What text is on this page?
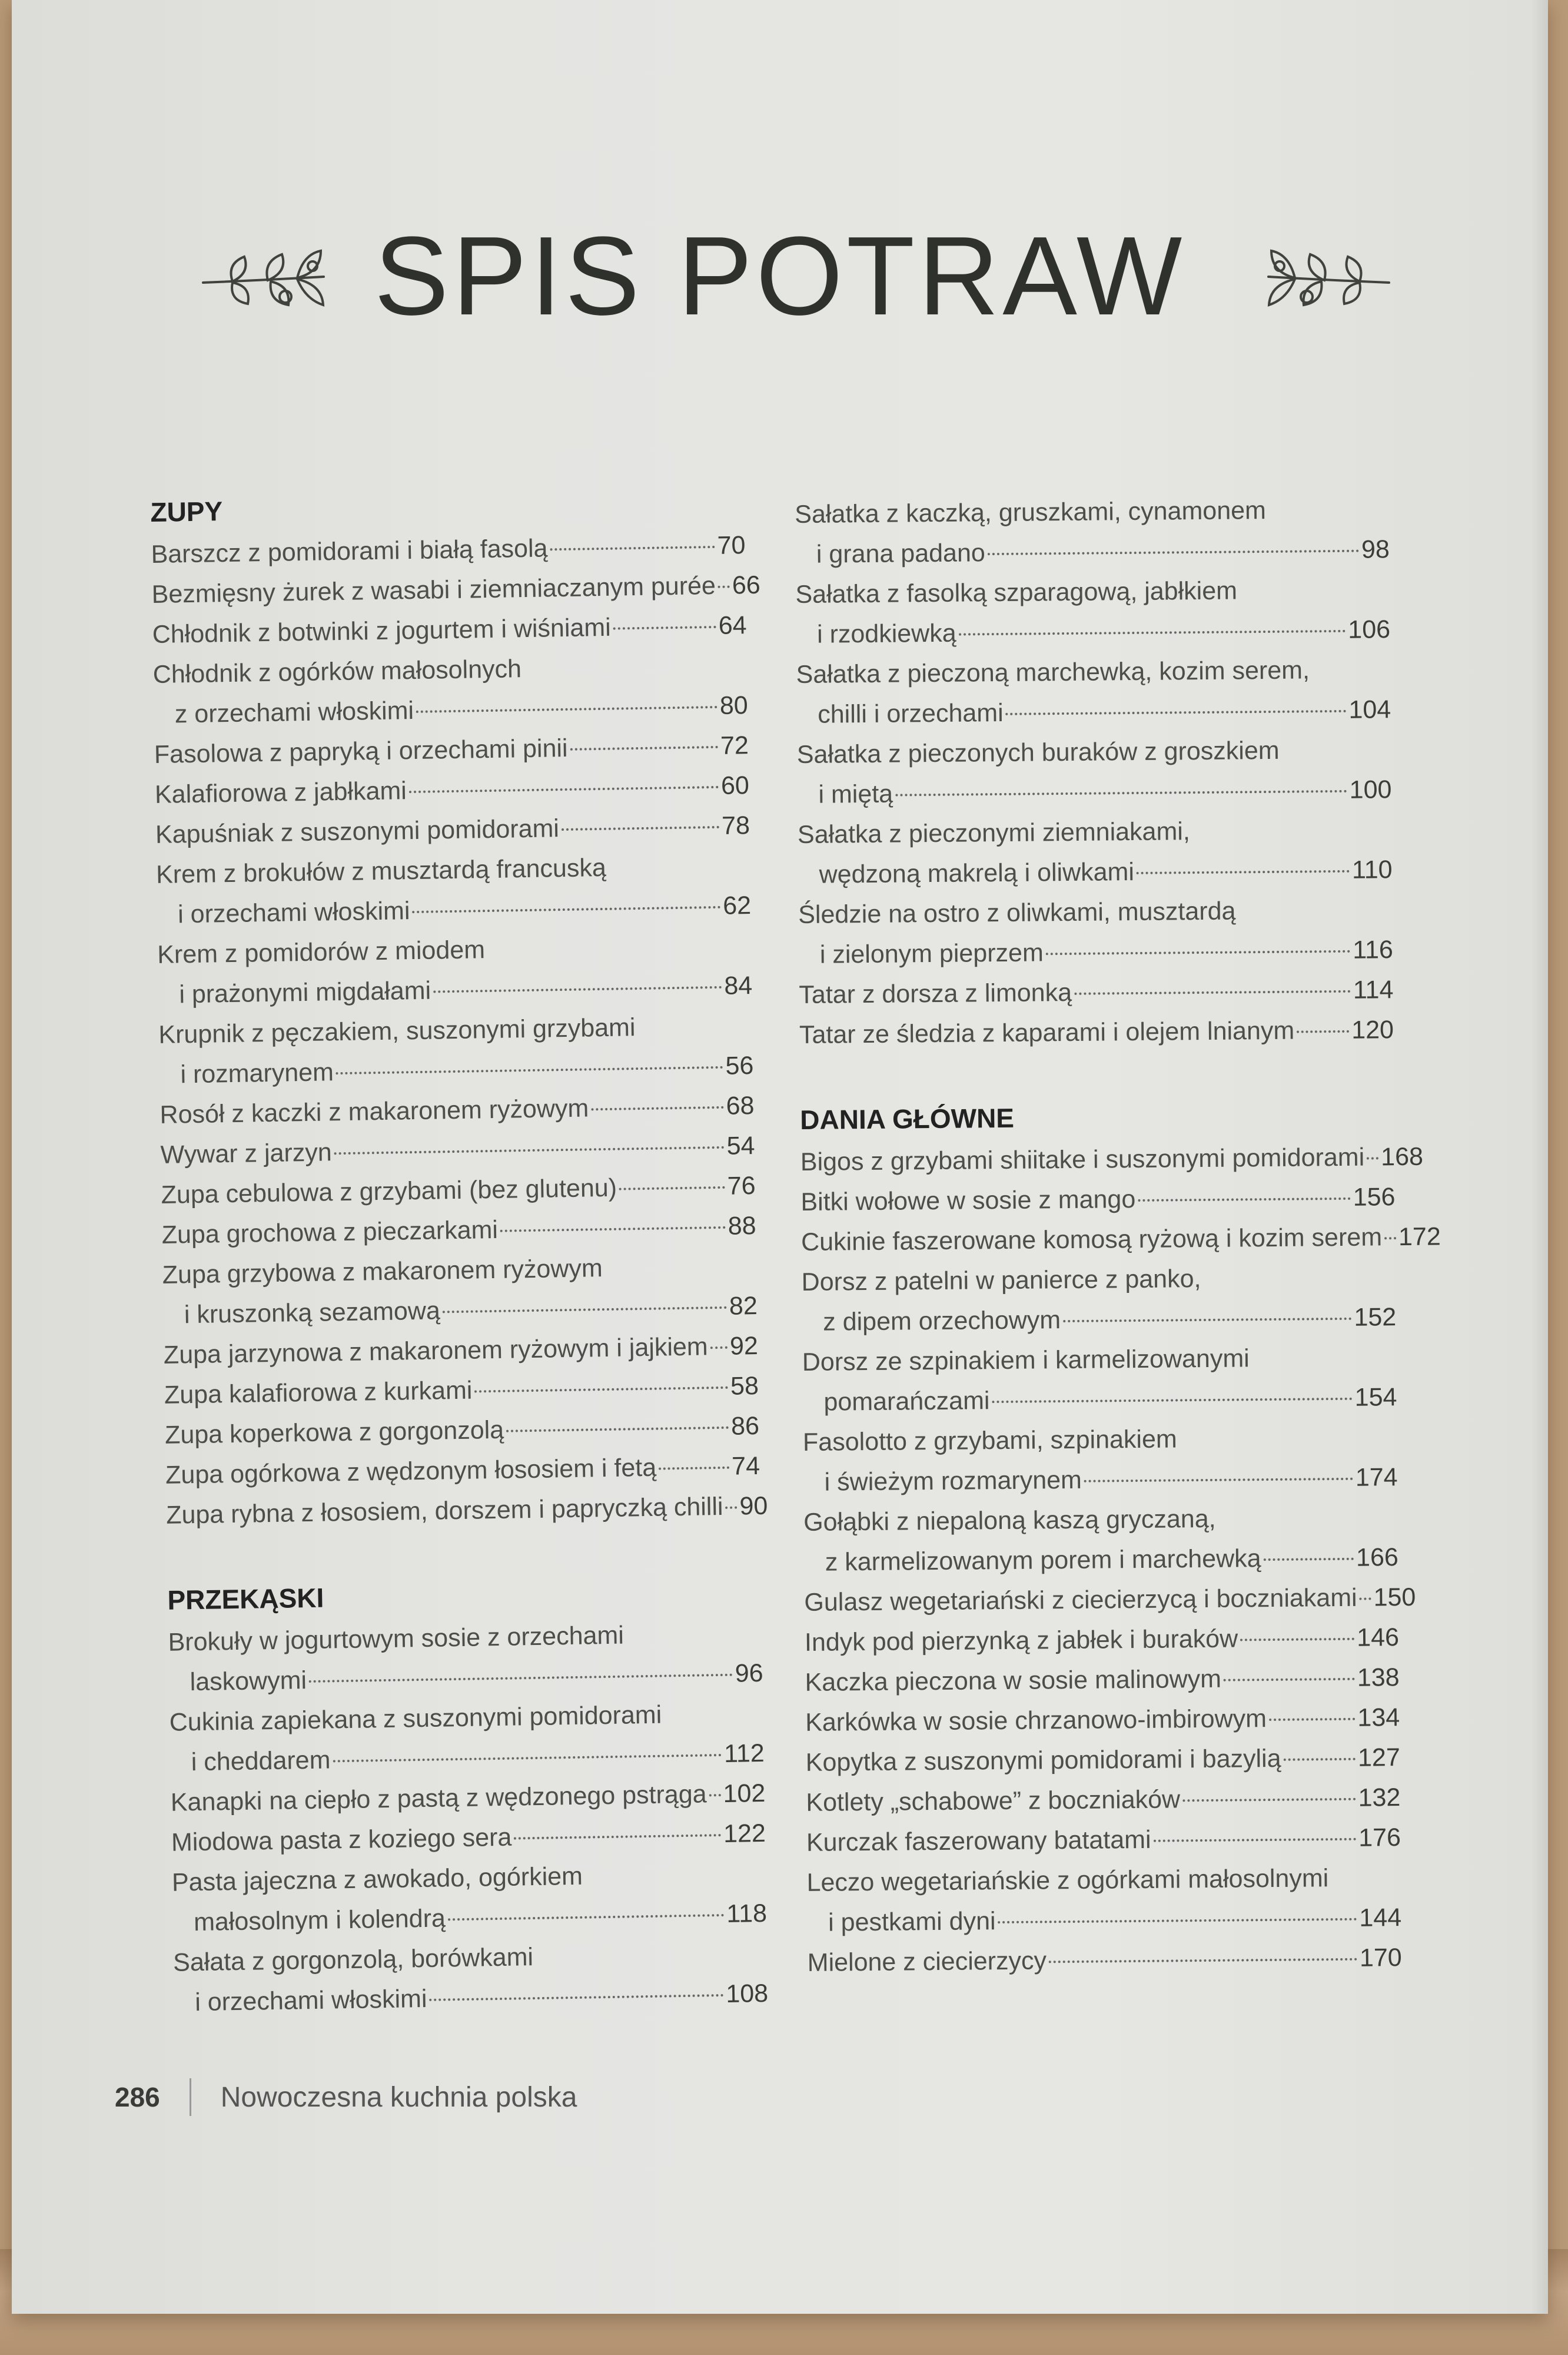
SPIS POTRAW
ZUPY
Barszcz z pomidorami i białą fasolą	70
Bezmięsny żurek z wasabi i ziemniaczanym purée 66
Chłodnik z botwinki z jogurtem i wiśniami	64
Chłodnik z ogórków małosolnych
z orzechami włoskimi	80
Fasolowa z papryką i orzechami pinii	72
Kalafiorowa z jabłkami	60
Kapuśniak z suszonymi pomidorami	78
Krem z brokułów z musztardą francuską
i orzechami włoskimi	62
Krem z pomidorów z miodem
i prażonymi migdałami	84
Krupnik z pęczakiem, suszonymi grzybami
i rozmarynem	56
Rosół z kaczki z makaronem ryżowym	68
Wywar z jarzyn	54
Zupa cebulowa z grzybami (bez glutenu)	76
Zupa grochowa z pieczarkami	88
Zupa grzybowa z makaronem ryżowym
i kruszonką sezamową	82
Zupa jarzynowa z makaronem ryżowym i jajkiem 92
Zupa kalafiorowa z kurkami	58
Zupa koperkowa z gorgonzolą	86
Zupa ogórkowa z wędzonym łososiem i fetą	74
Zupa rybna z łososiem, dorszem i papryczką chilli 90
PRZEKĄSKI
Brokuły w jogurtowym sosie z orzechami
laskowymi	96
Cukinia zapiekana z suszonymi pomidorami
i cheddarem	112
Kanapki na ciepło z pastą z wędzonego pstrąga 102
Miodowa pasta z koziego sera	122
Pasta jajeczna z awokado, ogórkiem
małosolnym i kolendrą	118
Sałata z gorgonzolą, borówkami
i orzechami włoskimi	108
Sałatka z kaczką, gruszkami, cynamonem
i grana padano	98
Sałatka z fasolką szparagową, jabłkiem
i rzodkiewką	106
Sałatka z pieczoną marchewką, kozim serem,
chilli i orzechami	104
Sałatka z pieczonych buraków z groszkiem
i miętą	100
Sałatka z pieczonymi ziemniakami,
wędzoną makrelą i oliwkami	110
Śledzie na ostro z oliwkami, musztardą
i zielonym pieprzem	116
Tatar z dorsza z limonką	114
Tatar ze śledzia z kaparami i olejem lnianym 120
DANIA GŁÓWNE
Bigos z grzybami shiitake i suszonymi pomidorami 168
Bitki wołowe w sosie z mango	156
Cukinie faszerowane komosą ryżową i kozim serem 172
Dorsz z patelni w panierce z panko,
z dipem orzechowym	152
Dorsz ze szpinakiem i karmelizowanymi
pomarańczami	154
Fasolotto z grzybami, szpinakiem
i świeżym rozmarynem	174
Gołąbki z niepaloną kaszą gryczaną,
z karmelizowanym porem i marchewką	166
Gulasz wegetariański z ciecierzycą i boczniakami 150
Indyk pod pierzynką z jabłek i buraków	146
Kaczka pieczona w sosie malinowym	138
Karkówka w sosie chrzanowo-imbirowym	134
Kopytka z suszonymi pomidorami i bazylią	127
Kotlety „schabowe” z boczniaków	132
Kurczak faszerowany batatami	176
Leczo wegetariańskie z ogórkami małosolnymi
i pestkami dyni	144
Mielone z ciecierzycy	170
286 Nowoczesna kuchnia polska
